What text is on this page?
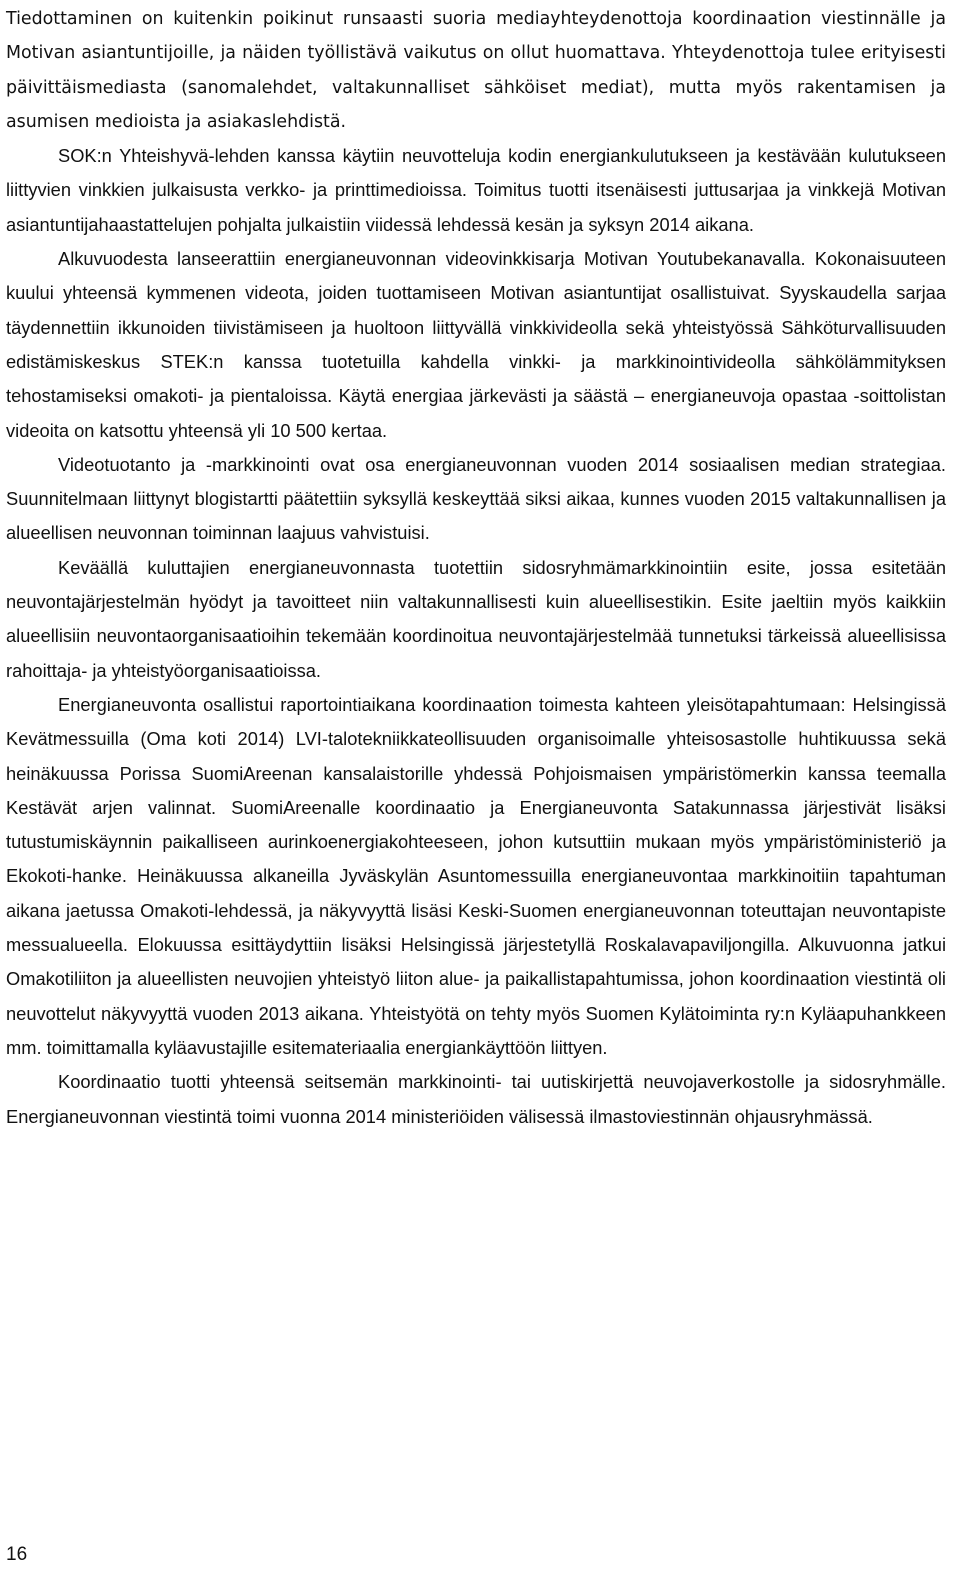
Tiedottaminen on kuitenkin poikinut runsaasti suoria mediayhteydenottoja koordinaation viestinnälle ja Motivan asiantuntijoille, ja näiden työllistävä vaikutus on ollut huomattava. Yhteydenottoja tulee erityisesti päivittäismediasta (sanomalehdet, valtakunnalliset sähköiset mediat), mutta myös rakentamisen ja asumisen medioista ja asiakaslehdistä.

SOK:n Yhteishyvä-lehden kanssa käytiin neuvotteluja kodin energiankulutukseen ja kestävään kulutukseen liittyvien vinkkien julkaisusta verkko- ja printtimedioissa. Toimitus tuotti itsenäisesti juttusarjaa ja vinkkejä Motivan asiantuntijahaastattelujen pohjalta julkaistiin viidessä lehdessä kesän ja syksyn 2014 aikana.

Alkuvuodesta lanseerattiin energianeuvonnan videovinkkisarja Motivan Youtubekanavalla. Kokonaisuuteen kuului yhteensä kymmenen videota, joiden tuottamiseen Motivan asiantuntijat osallistuivat. Syyskaudella sarjaa täydennettiin ikkunoiden tiivistämiseen ja huoltoon liittyvällä vinkkivideolla sekä yhteistyössä Sähköturvallisuuden edistämiskeskus STEK:n kanssa tuotetuilla kahdella vinkki- ja markkinointivideolla sähkölämmityksen tehostamiseksi omakoti- ja pientaloissa. Käytä energiaa järkevästi ja säästä – energianeuvoja opastaa -soittolistan videoita on katsottu yhteensä yli 10 500 kertaa.

Videotuotanto ja -markkinointi ovat osa energianeuvonnan vuoden 2014 sosiaalisen median strategiaa. Suunnitelmaan liittynyt blogistartti päätettiin syksyllä keskeyttää siksi aikaa, kunnes vuoden 2015 valtakunnallisen ja alueellisen neuvonnan toiminnan laajuus vahvistuisi.

Keväällä kuluttajien energianeuvonnasta tuotettiin sidosryhmämarkkinointiin esite, jossa esitetään neuvontajärjestelmän hyödyt ja tavoitteet niin valtakunnallisesti kuin alueellisestikin. Esite jaeltiin myös kaikkiin alueellisiin neuvontaorganisaatioihin tekemään koordinoitua neuvontajärjestelmää tunnetuksi tärkeissä alueellisissa rahoittaja- ja yhteistyöorganisaatioissa.

Energianeuvonta osallistui raportointiaikana koordinaation toimesta kahteen yleisötapahtumaan: Helsingissä Kevätmessuilla (Oma koti 2014) LVI-talotekniikkateollisuuden organisoimalle yhteisosastolle huhtikuussa sekä heinäkuussa Porissa SuomiAreenan kansalaistorille yhdessä Pohjoismaisen ympäristömerkin kanssa teemalla Kestävät arjen valinnat. SuomiAreenalle koordinaatio ja Energianeuvonta Satakunnassa järjestivät lisäksi tutustumiskäynnin paikalliseen aurinkoenergiakohteeseen, johon kutsuttiin mukaan myös ympäristöministeriö ja Ekokoti-hanke. Heinäkuussa alkaneilla Jyväskylän Asuntomessuilla energianeuvontaa markkinoitiin tapahtuman aikana jaetussa Omakoti-lehdessä, ja näkyvyyttä lisäsi Keski-Suomen energianeuvonnan toteuttajan neuvontapiste messualueella. Elokuussa esittäydyttiin lisäksi Helsingissä järjestetyllä Roskalavapaviljongilla. Alkuvuonna jatkui Omakotiliiton ja alueellisten neuvojien yhteistyö liiton alue- ja paikallistapahtumissa, johon koordinaation viestintä oli neuvottelut näkyvyyttä vuoden 2013 aikana. Yhteistyötä on tehty myös Suomen Kylätoiminta ry:n Kyläapuhankkeen mm. toimittamalla kyläavustajille esitemateriaalia energiankäyttöön liittyen.

Koordinaatio tuotti yhteensä seitsemän markkinointi- tai uutiskirjettä neuvojaverkostolle ja sidosryhmälle. Energianeuvonnan viestintä toimi vuonna 2014 ministeriöiden välisessä ilmastoviestinnän ohjausryhmässä.

16
